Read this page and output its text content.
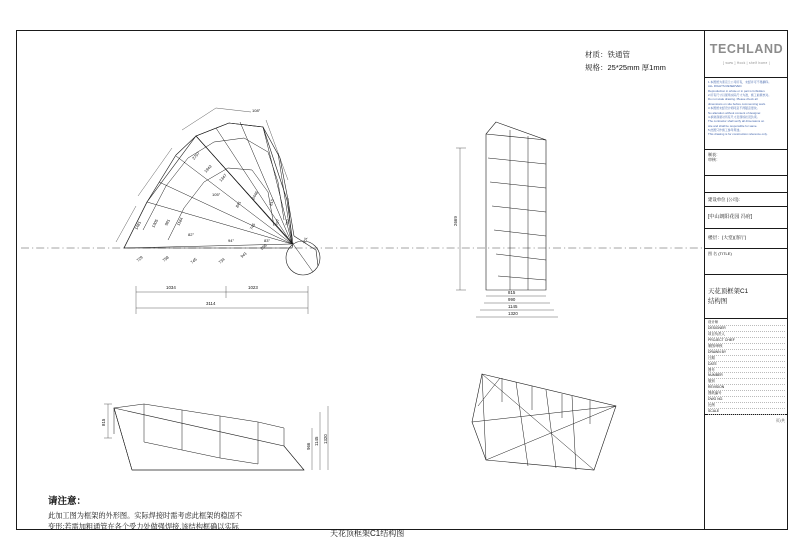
材质：铁通管
规格：25*25mm 厚1mm
1034	1023
3114
2707
1942
1347
2446
1481 1305 981 1184
841
797 782
815
729	758	745	734
941
856
701
745
108°
105°
82°
94°	83°
2669
815
990
1145
1320
815
966
1145 1320
请注意：
此加工图为框架的外形图。实际焊接时需考虑此框架的稳固不
变形;若需加粗通管在各个受力处做强焊接,该结构框确以实际
天花顶框架C1结构图
TECHLAND
[ www ] Hook | shelf home |
1.本图纸为泰克兰公司所有，未经许可不得翻印。
ALL RIGHTS RESERVED.
Reproduction in whole or in part is forbidden.
2.所有尺寸以现场实际尺寸为准，施工前须核对。
Do not scale drawing. Please check all
dimensions on site before commencing work.
3.本图纸未经设计师同意不得随意更改。
No alteration without consent of designer.
4.承建商须对所有尺寸及现场状况负责。
The contractor shall verify all dimensions on
site and shall be responsible for same.
5.此图只作施工参考用途。
This drawing is for construction reference only.
制表：
审核：
建设单位 (公司):
[中山朗阳花园 冯府]
楼层： (大堂)(客厅)
图 名 (TITLE)
天花顶框架C1
结构图
设计师
DESIGNER
项目负责人
PROJECT CHIEF
制图/审核
DRAWN BY
日期
DATE
图号
NUMBER
版别
REVISION
图纸编号
DWG NO.
比例
SCALE
页/共
